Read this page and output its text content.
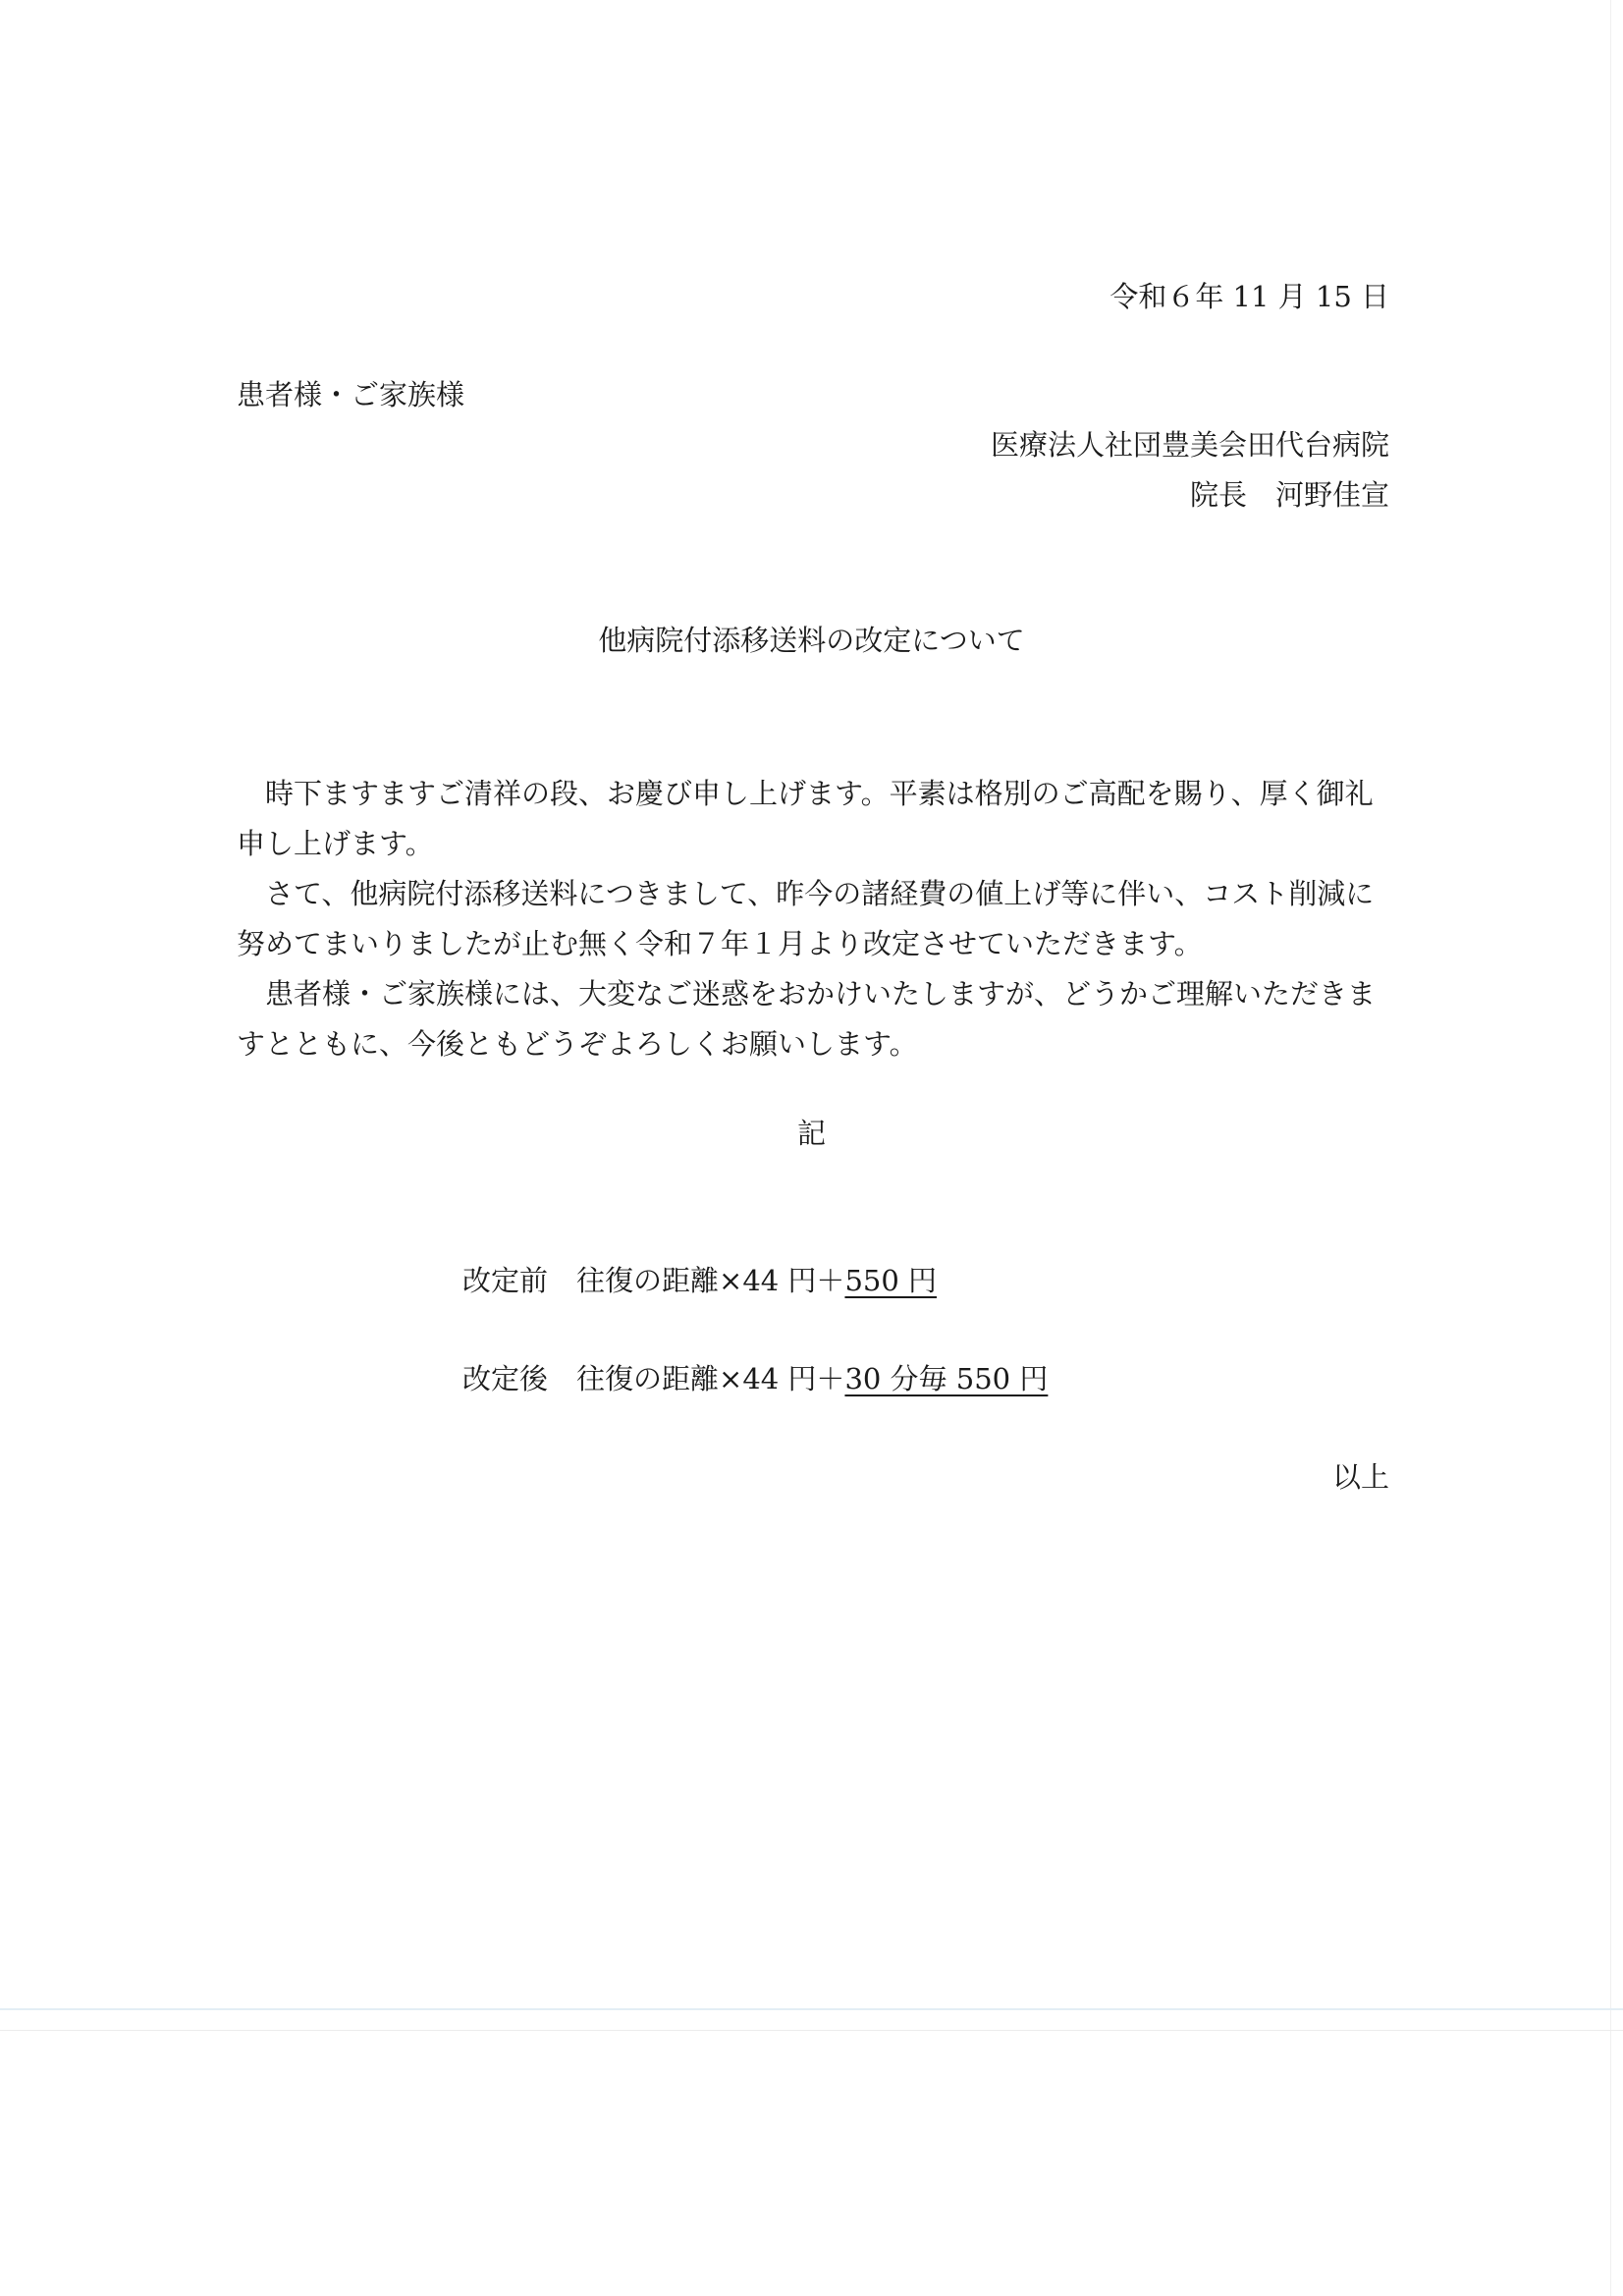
令和６年 11 月 15 日
患者様・ご家族様
医療法人社団豊美会田代台病院
院長　河野佳宣
他病院付添移送料の改定について

時下ますますご清祥の段、お慶び申し上げます。平素は格別のご高配を賜り、厚く御礼申し上げます。

さて、他病院付添移送料につきまして、昨今の諸経費の値上げ等に伴い、コスト削減に努めてまいりましたが止む無く令和７年１月より改定させていただきます。

患者様・ご家族様には、大変なご迷惑をおかけいたしますが、どうかご理解いただきますとともに、今後ともどうぞよろしくお願いします。

記
改定前 往復の距離×44 円＋550 円
改定後 往復の距離×44 円＋30 分毎 550 円
以上
